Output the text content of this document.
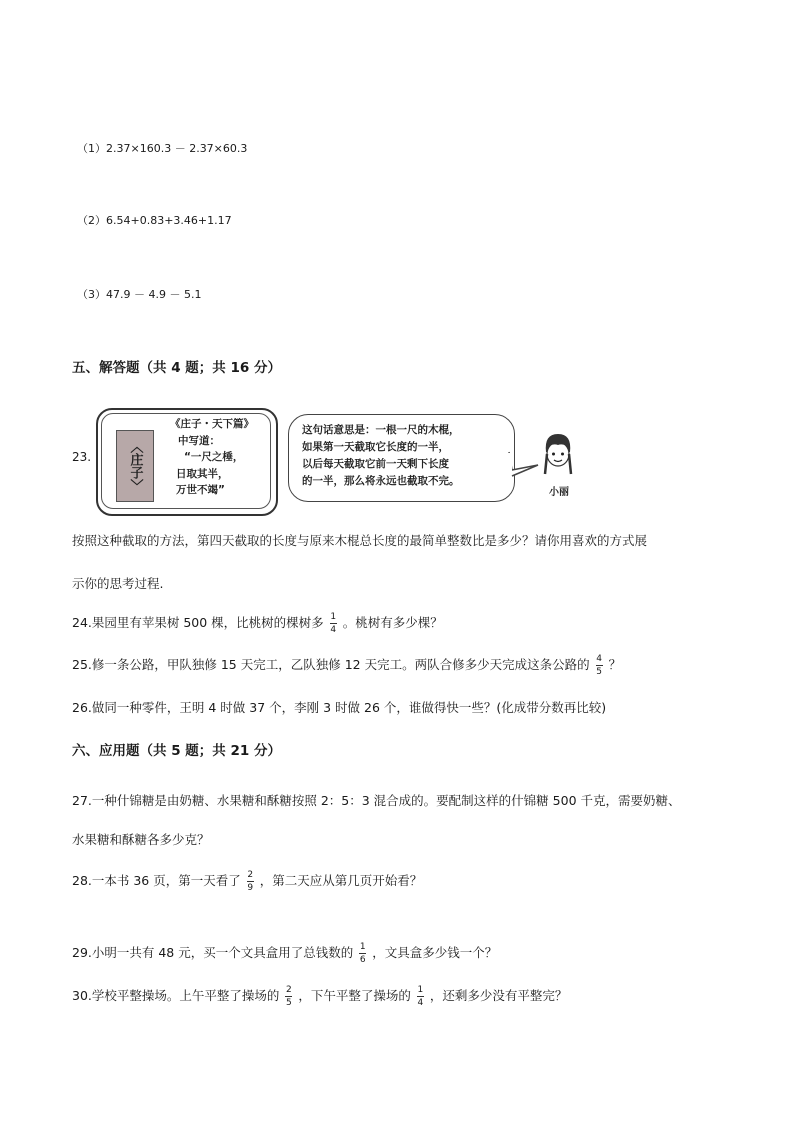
（1）2.37×160.3 － 2.37×60.3
（2）6.54+0.83+3.46+1.17
（3）47.9 － 4.9 － 5.1
五、解答题（共 4 题；共 16 分）
23.	〈庄子〉
《庄子・天下篇》
中写道：
“一尺之棰，
日取其半，
万世不竭”
这句话意思是：一根一尺的木棍，
如果第一天截取它长度的一半，
以后每天截取它前一天剩下长度
的一半，那么将永远也截取不完。
小丽
按照这种截取的方法，第四天截取的长度与原来木棍总长度的最简单整数比是多少？请你用喜欢的方式展
示你的思考过程.
24.果园里有苹果树 500 棵，比桃树的棵树多 $\frac{1}{4}$ 。桃树有多少棵？
25.修一条公路，甲队独修 15 天完工，乙队独修 12 天完工。两队合修多少天完成这条公路的 $\frac{4}{5}$ ？
26.做同一种零件，王明 4 时做 37 个，李刚 3 时做 26 个，谁做得快一些？(化成带分数再比较)
六、应用题（共 5 题；共 21 分）
27.一种什锦糖是由奶糖、水果糖和酥糖按照 2：5：3 混合成的。要配制这样的什锦糖 500 千克，需要奶糖、
水果糖和酥糖各多少克？
28.一本书 36 页，第一天看了 $\frac{2}{9}$ ，第二天应从第几页开始看？
29.小明一共有 48 元，买一个文具盒用了总钱数的 $\frac{1}{6}$ ，文具盒多少钱一个？
30.学校平整操场。上午平整了操场的 $\frac{2}{5}$ ，下午平整了操场的 $\frac{1}{4}$ ，还剩多少没有平整完？
